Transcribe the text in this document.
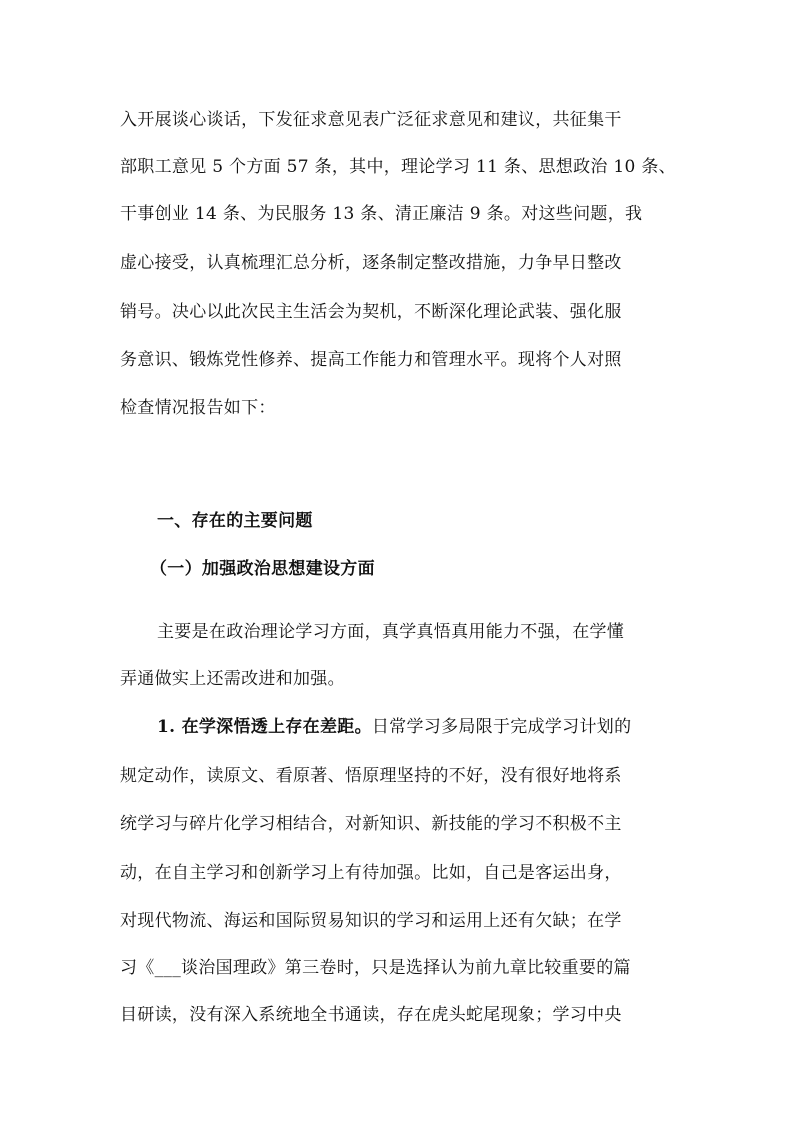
入开展谈心谈话，下发征求意见表广泛征求意见和建议，共征集干
部职工意见 5 个方面 57 条，其中，理论学习 11 条、思想政治 10 条、
干事创业 14 条、为民服务 13 条、清正廉洁 9 条。对这些问题，我
虚心接受，认真梳理汇总分析，逐条制定整改措施，力争早日整改
销号。决心以此次民主生活会为契机，不断深化理论武装、强化服
务意识、锻炼党性修养、提高工作能力和管理水平。现将个人对照
检查情况报告如下：
一、存在的主要问题
（一）加强政治思想建设方面
主要是在政治理论学习方面，真学真悟真用能力不强，在学懂
弄通做实上还需改进和加强。
1. 在学深悟透上存在差距。日常学习多局限于完成学习计划的
规定动作，读原文、看原著、悟原理坚持的不好，没有很好地将系
统学习与碎片化学习相结合，对新知识、新技能的学习不积极不主
动，在自主学习和创新学习上有待加强。比如，自己是客运出身，
对现代物流、海运和国际贸易知识的学习和运用上还有欠缺；在学
习《___谈治国理政》第三卷时，只是选择认为前九章比较重要的篇
目研读，没有深入系统地全书通读，存在虎头蛇尾现象；学习中央
